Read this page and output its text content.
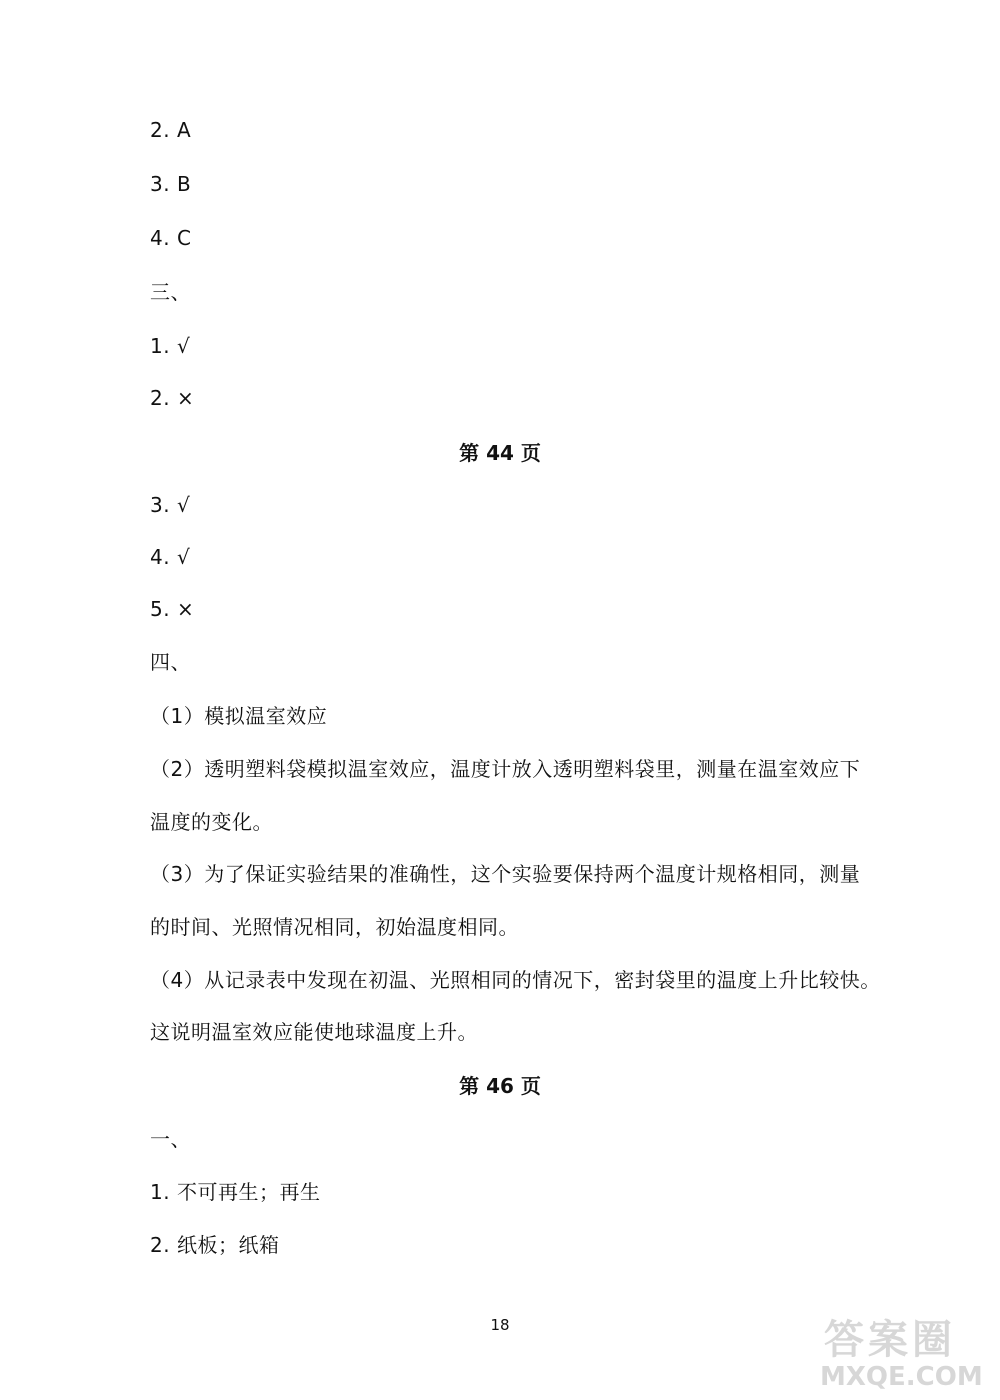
2. A
3. B
4. C
三、
1. √
2. ×
第 44 页
3. √
4. √
5. ×
四、
（1）模拟温室效应
（2）透明塑料袋模拟温室效应，温度计放入透明塑料袋里，测量在温室效应下
温度的变化。
（3）为了保证实验结果的准确性，这个实验要保持两个温度计规格相同，测量
的时间、光照情况相同，初始温度相同。
（4）从记录表中发现在初温、光照相同的情况下，密封袋里的温度上升比较快。
这说明温室效应能使地球温度上升。
第 46 页
一、
1. 不可再生；再生
2. 纸板；纸箱
18	答案圈
MXQE.COM
